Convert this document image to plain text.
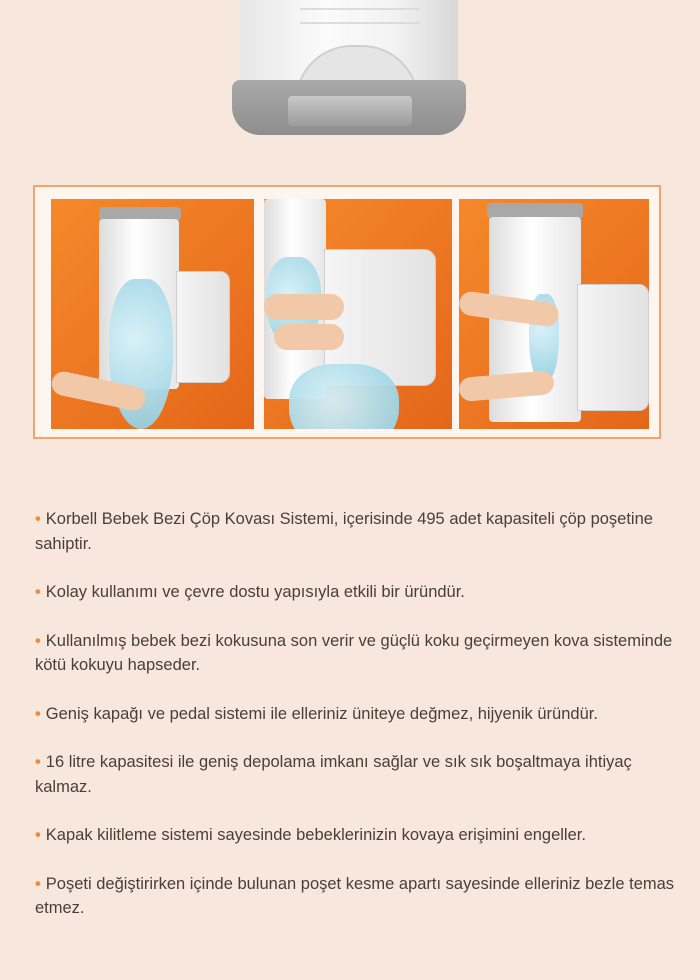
• Korbell Bebek Bezi Çöp Kovası Sistemi, içerisinde 495 adet kapasiteli çöp poşetine sahiptir.
• Kolay kullanımı ve çevre dostu yapısıyla etkili bir üründür.
• Kullanılmış bebek bezi kokusuna son verir ve güçlü koku geçirmeyen kova sisteminde kötü kokuyu hapseder.
• Geniş kapağı ve pedal sistemi ile elleriniz üniteye değmez, hijyenik üründür.
• 16 litre kapasitesi ile geniş depolama imkanı sağlar ve sık sık boşaltmaya ihtiyaç kalmaz.
• Kapak kilitleme sistemi sayesinde bebeklerinizin kovaya erişimini engeller.
• Poşeti değiştirirken içinde bulunan poşet kesme apartı sayesinde elleriniz bezle temas etmez.
